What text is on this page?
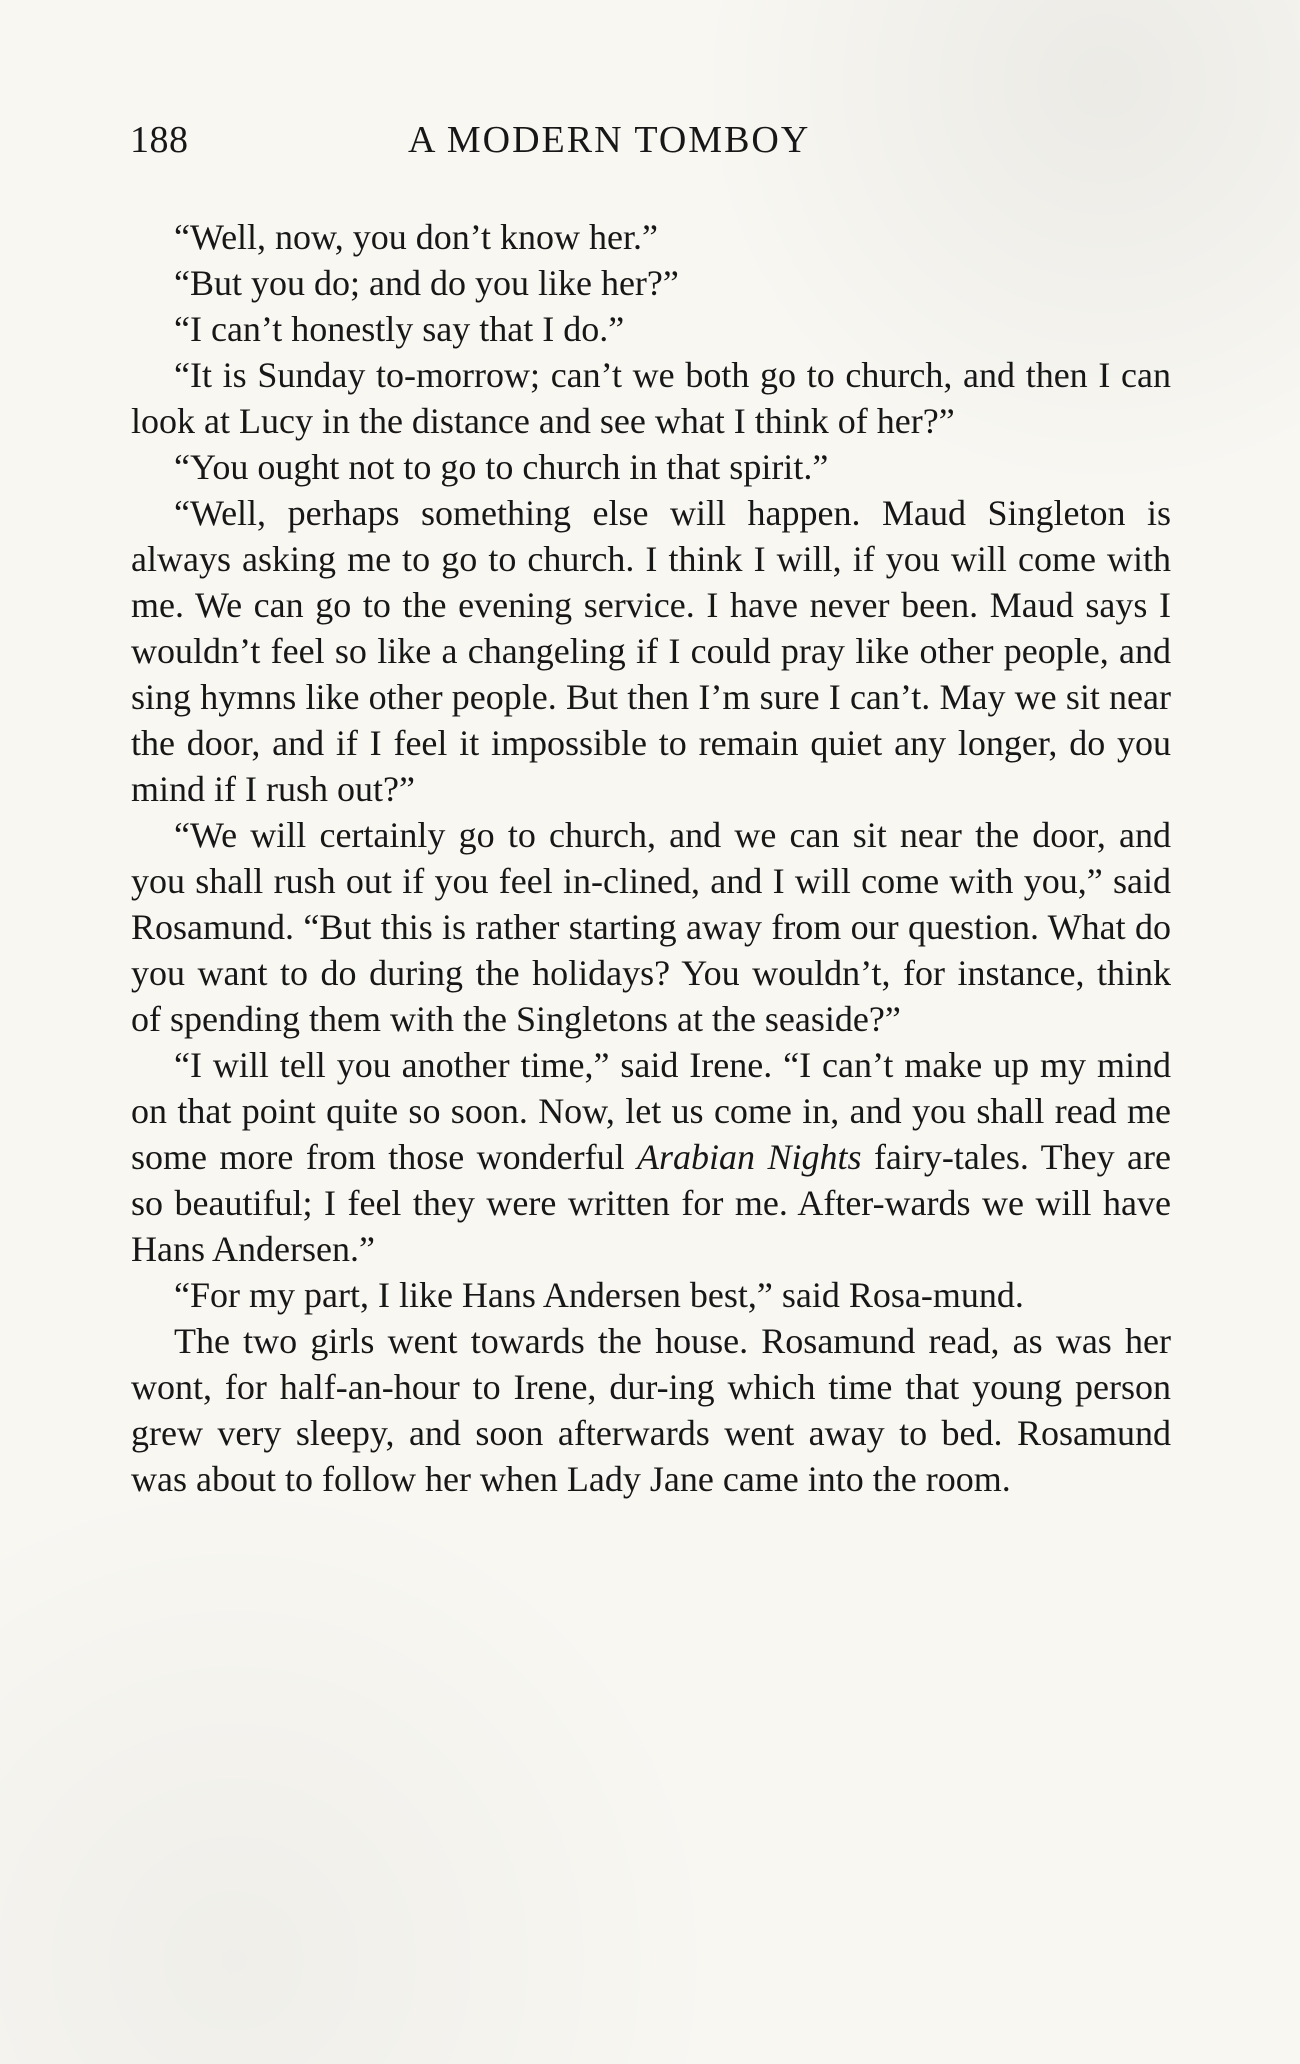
188	A MODERN TOMBOY

“Well, now, you don’t know her.”

“But you do; and do you like her?”

“I can’t honestly say that I do.”

“It is Sunday to-morrow; can’t we both go to church, and then I can look at Lucy in the distance and see what I think of her?”

“You ought not to go to church in that spirit.”

“Well, perhaps something else will happen. Maud Singleton is always asking me to go to church. I think I will, if you will come with me. We can go to the evening service. I have never been. Maud says I wouldn’t feel so like a changeling if I could pray like other people, and sing hymns like other people. But then I’m sure I can’t. May we sit near the door, and if I feel it impossible to remain quiet any longer, do you mind if I rush out?”

“We will certainly go to church, and we can sit near the door, and you shall rush out if you feel in-clined, and I will come with you,” said Rosamund. “But this is rather starting away from our question. What do you want to do during the holidays? You wouldn’t, for instance, think of spending them with the Singletons at the seaside?”

“I will tell you another time,” said Irene. “I can’t make up my mind on that point quite so soon. Now, let us come in, and you shall read me some more from those wonderful Arabian Nights fairy-tales. They are so beautiful; I feel they were written for me. After-wards we will have Hans Andersen.”

“For my part, I like Hans Andersen best,” said Rosa-mund.

The two girls went towards the house. Rosamund read, as was her wont, for half-an-hour to Irene, dur-ing which time that young person grew very sleepy, and soon afterwards went away to bed. Rosamund was about to follow her when Lady Jane came into the room.
